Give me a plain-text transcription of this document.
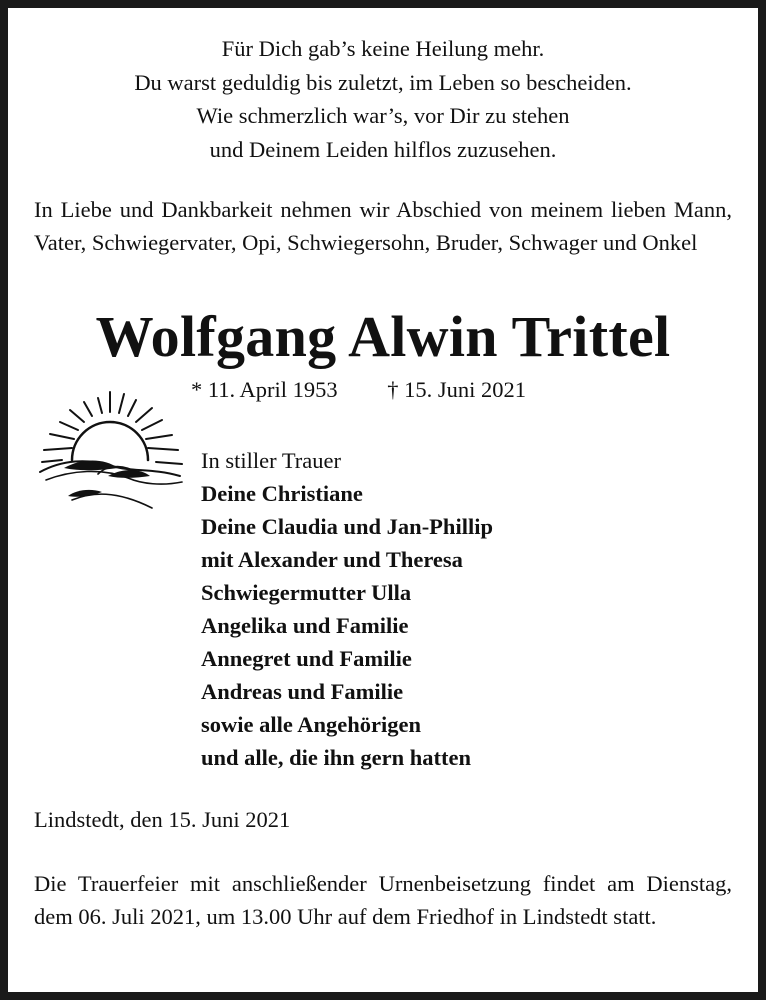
Für Dich gab’s keine Heilung mehr.
Du warst geduldig bis zuletzt, im Leben so bescheiden.
Wie schmerzlich war’s, vor Dir zu stehen
und Deinem Leiden hilflos zuzusehen.
In Liebe und Dankbarkeit nehmen wir Abschied von meinem lieben Mann, Vater, Schwiegervater, Opi, Schwiegersohn, Bruder, Schwager und Onkel
Wolfgang Alwin Trittel
* 11. April 1953 † 15. Juni 2021
In stiller Trauer
Deine Christiane
Deine Claudia und Jan-Phillip
mit Alexander und Theresa
Schwiegermutter Ulla
Angelika und Familie
Annegret und Familie
Andreas und Familie
sowie alle Angehörigen
und alle, die ihn gern hatten
Lindstedt, den 15. Juni 2021
Die Trauerfeier mit anschließender Urnenbeisetzung findet am Dienstag, dem 06. Juli 2021, um 13.00 Uhr auf dem Friedhof in Lindstedt statt.
